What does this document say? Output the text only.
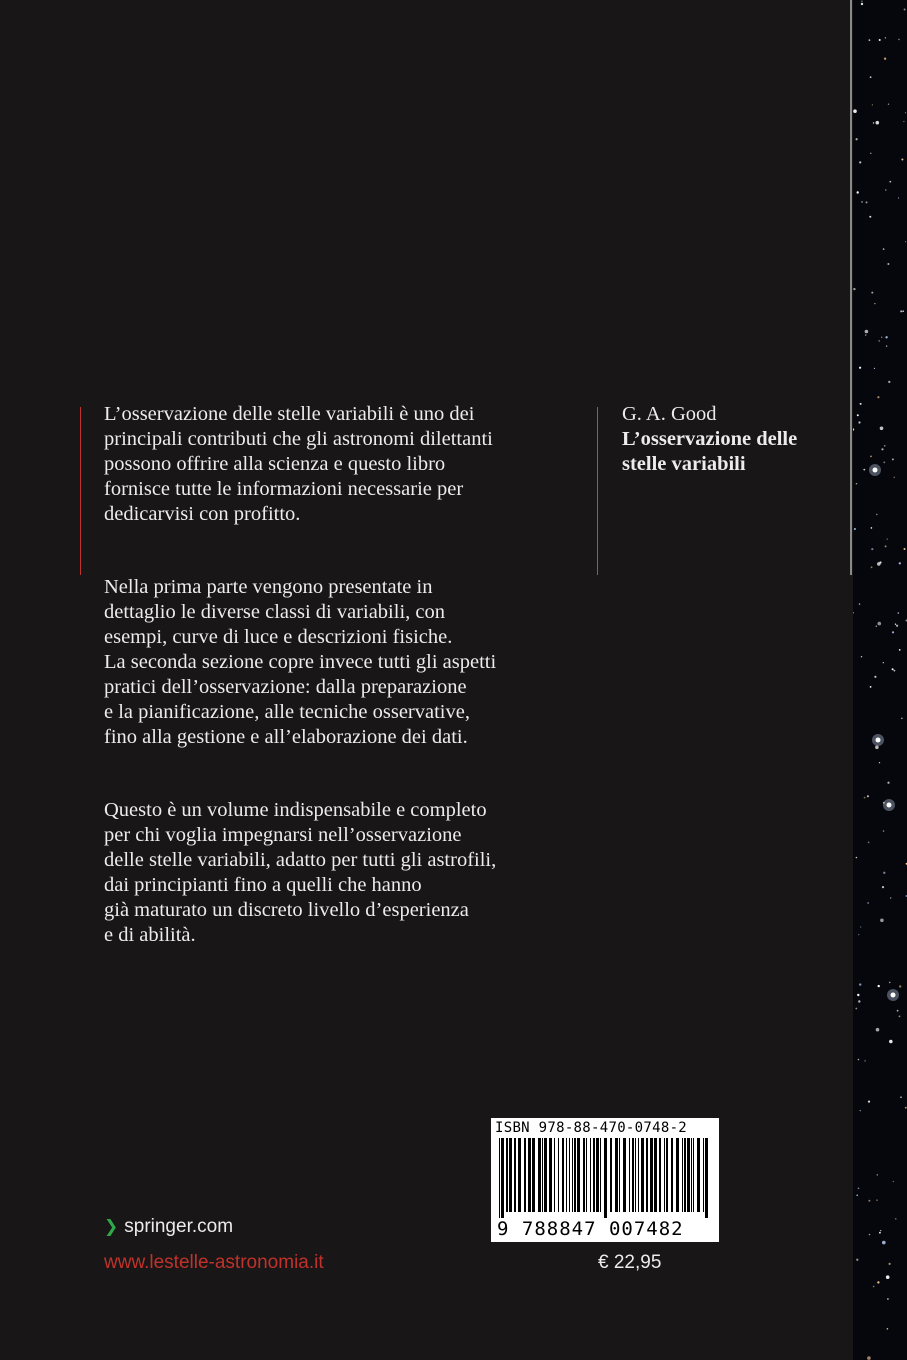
L’osservazione delle stelle variabili è uno dei
principali contributi che gli astronomi dilettanti
possono offrire alla scienza e questo libro
fornisce tutte le informazioni necessarie per
dedicarvisi con profitto.

Nella prima parte vengono presentate in
dettaglio le diverse classi di variabili, con
esempi, curve di luce e descrizioni fisiche.
La seconda sezione copre invece tutti gli aspetti
pratici dell’osservazione: dalla preparazione
e la pianificazione, alle tecniche osservative,
fino alla gestione e all’elaborazione dei dati.

Questo è un volume indispensabile e completo
per chi voglia impegnarsi nell’osservazione
delle stelle variabili, adatto per tutti gli astrofili,
dai principianti fino a quelli che hanno
già maturato un discreto livello d’esperienza
e di abilità.

G. A. Good
L’osservazione delle
stelle variabili
ISBN 978-88-470-0748-2
9 788847 007482
❯ springer.com
www.lestelle-astronomia.it	€ 22,95
